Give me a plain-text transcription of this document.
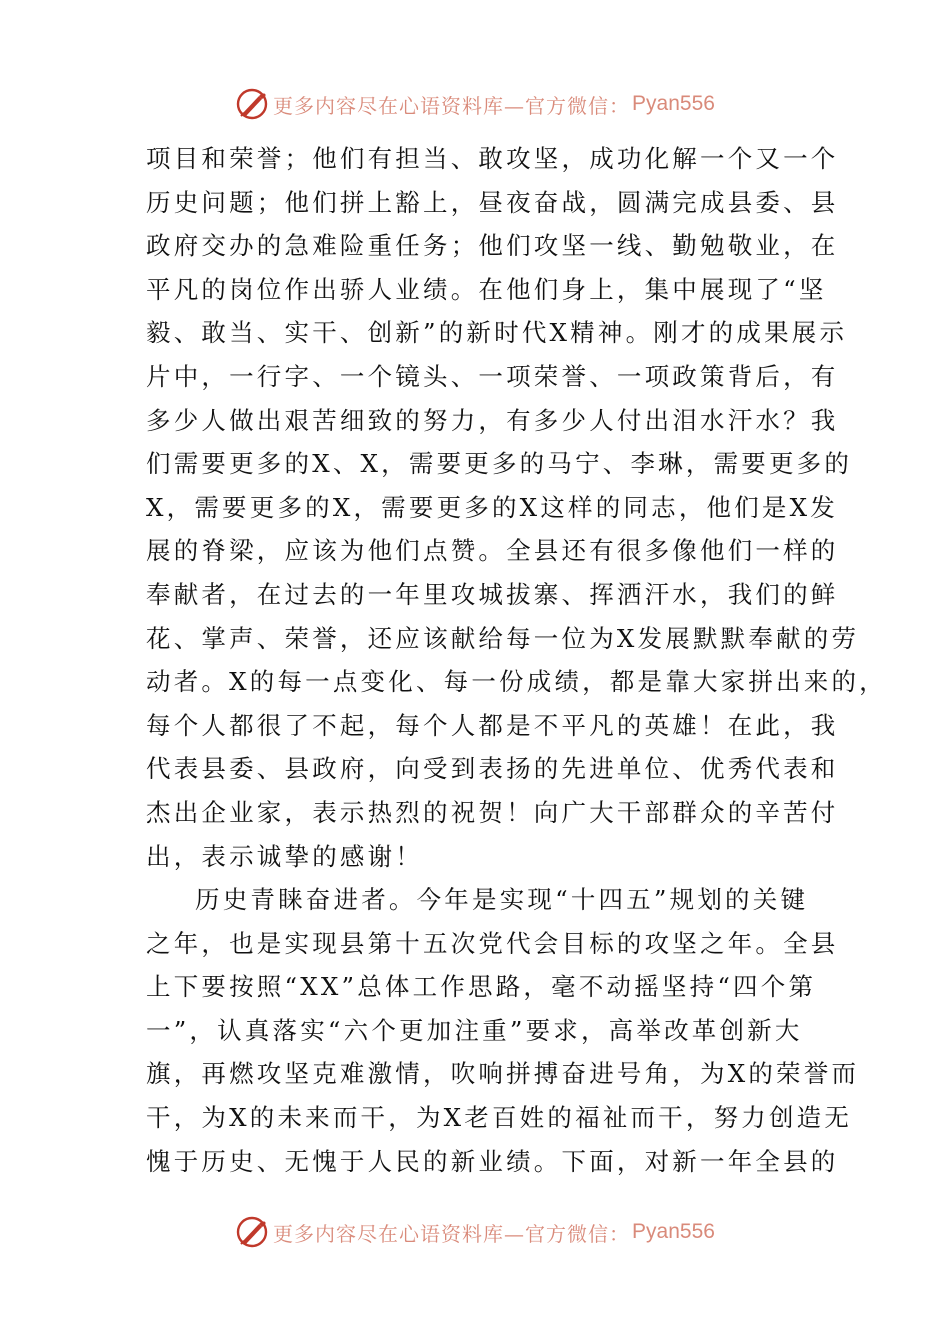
更多内容尽在心语资料库—官方微信： Pyan556
项目和荣誉；他们有担当、敢攻坚，成功化解一个又一个
历史问题；他们拼上豁上，昼夜奋战，圆满完成县委、县
政府交办的急难险重任务；他们攻坚一线、勤勉敬业，在
平凡的岗位作出骄人业绩。在他们身上，集中展现了“坚
毅、敢当、实干、创新”的新时代X精神。刚才的成果展示
片中，一行字、一个镜头、一项荣誉、一项政策背后，有
多少人做出艰苦细致的努力，有多少人付出泪水汗水？我
们需要更多的X、X，需要更多的马宁、李琳，需要更多的
X，需要更多的X，需要更多的X这样的同志，他们是X发
展的脊梁，应该为他们点赞。全县还有很多像他们一样的
奉献者，在过去的一年里攻城拔寨、挥洒汗水，我们的鲜
花、掌声、荣誉，还应该献给每一位为X发展默默奉献的劳
动者。X的每一点变化、每一份成绩，都是靠大家拼出来的，
每个人都很了不起，每个人都是不平凡的英雄！在此，我
代表县委、县政府，向受到表扬的先进单位、优秀代表和
杰出企业家，表示热烈的祝贺！向广大干部群众的辛苦付
出，表示诚挚的感谢！
历史青睐奋进者。今年是实现“十四五”规划的关键
之年，也是实现县第十五次党代会目标的攻坚之年。全县
上下要按照“XX”总体工作思路，毫不动摇坚持“四个第
一”，认真落实“六个更加注重”要求，高举改革创新大
旗，再燃攻坚克难激情，吹响拼搏奋进号角，为X的荣誉而
干，为X的未来而干，为X老百姓的福祉而干，努力创造无
愧于历史、无愧于人民的新业绩。下面，对新一年全县的
更多内容尽在心语资料库—官方微信： Pyan556
